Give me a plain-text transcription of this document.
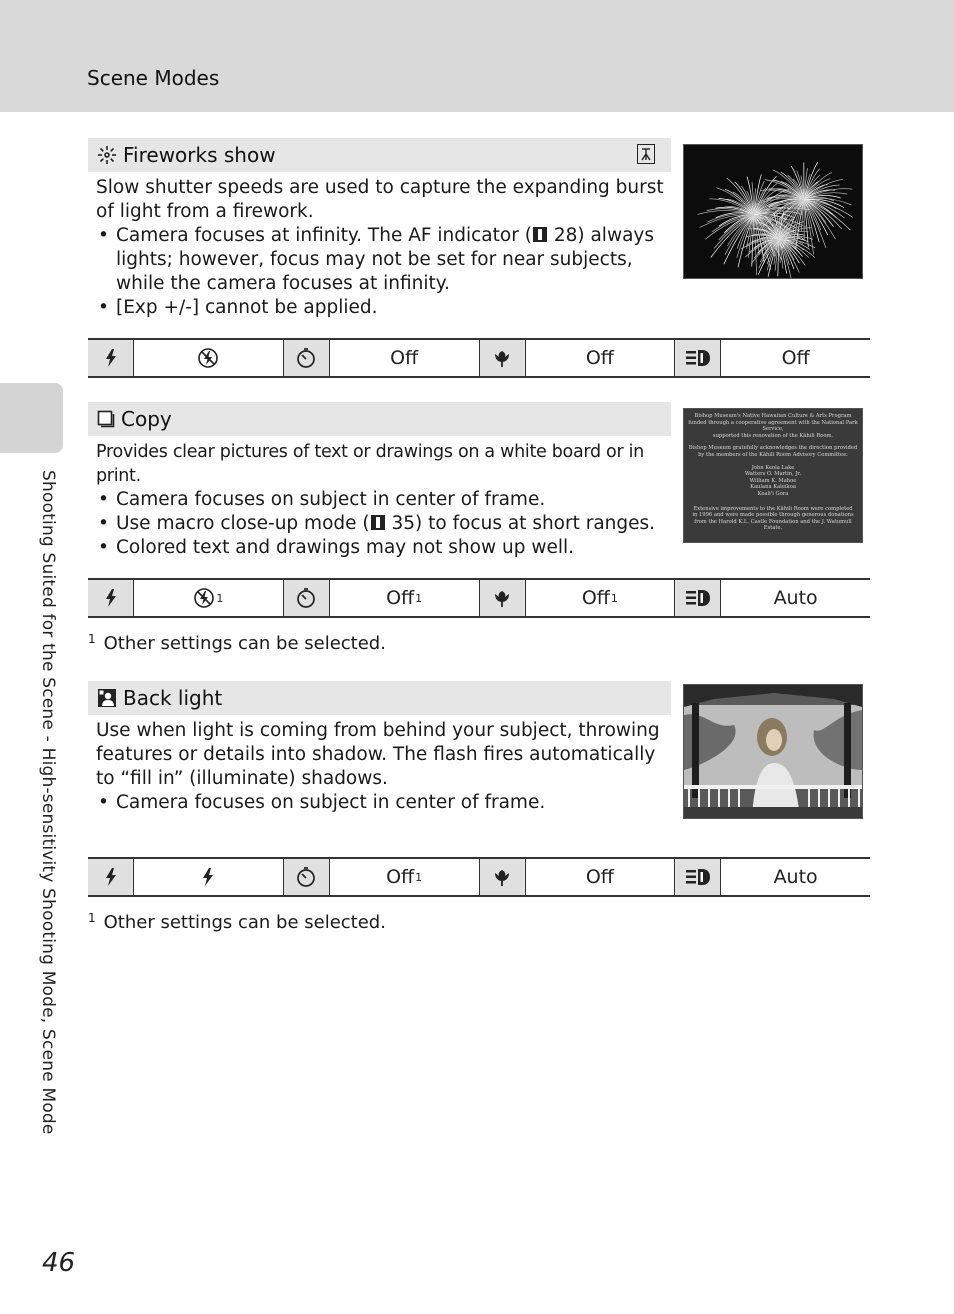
Scene Modes
Shooting Suited for the Scene - High-sensitivity Shooting Mode, Scene Mode
Fireworks show

Slow shutter speeds are used to capture the expanding burst of light from a firework.

• Camera focuses at infinity. The AF indicator ( 28) always lights; however, focus may not be set for near subjects, while the camera focuses at infinity.
• [Exp +/-] cannot be applied.
Off	Off	Off
Copy

Provides clear pictures of text or drawings on a white board or in print.

• Camera focuses on subject in center of frame.
• Use macro close-up mode ( 35) to focus at short ranges.
• Colored text and drawings may not show up well.
Bishop Museum's Native Hawaiian Culture & Arts Program
funded through a cooperative agreement with the National Park Service,
supported this renovation of the Kāhili Room.
Bishop Museum gratefully acknowledges the direction provided
by the members of the Kāhili Room Advisory Committee:
John Keola Lake
Watters O. Martin, Jr.
William K. Mahoe
Kaulana Kaleikoa
Keali'i Gora
Extensive improvements to the Kāhili Room were completed
in 1996 and were made possible through generous donations
from the Harold K.L. Castle Foundation and the J. Watumull Estate.
1	Off 1	Off 1	Auto
$^1$ Other settings can be selected.
Back light

Use when light is coming from behind your subject, throwing features or details into shadow. The flash fires automatically to “fill in” (illuminate) shadows.

• Camera focuses on subject in center of frame.
Off 1	Off	Auto
$^1$ Other settings can be selected.
46
